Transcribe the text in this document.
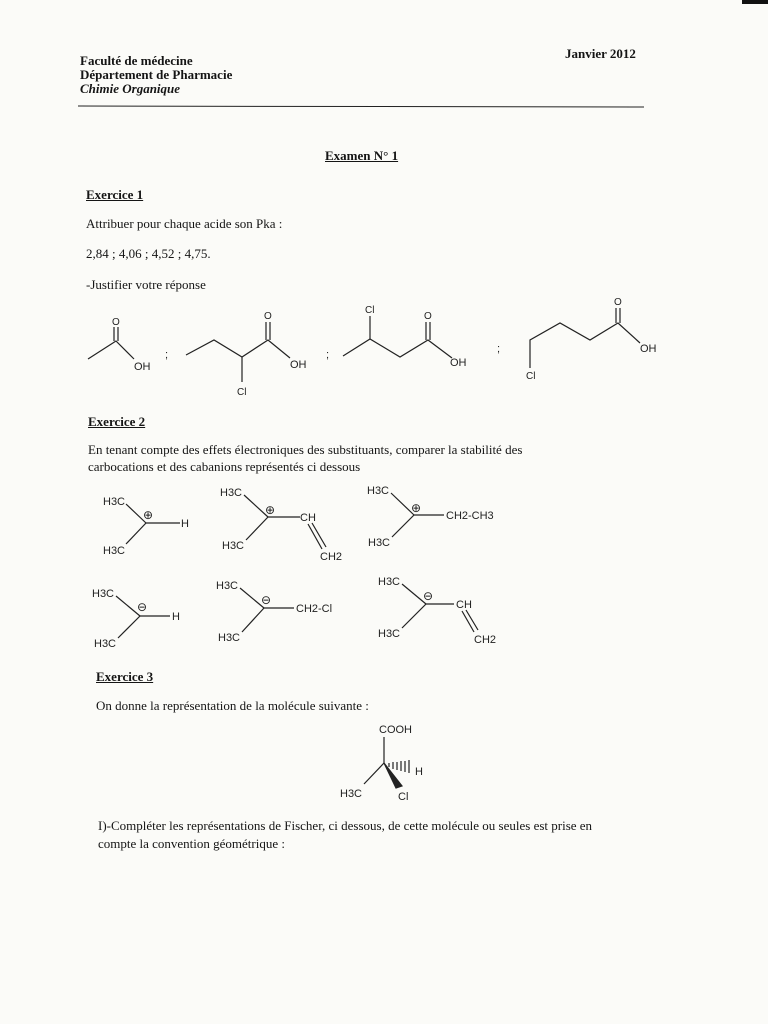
Faculté de médecine
Département de Pharmacie
Chimie Organique
Janvier 2012
Examen N° 1
Exercice 1
Attribuer pour chaque acide son Pka :
2,84 ; 4,06 ; 4,52 ; 4,75.
-Justifier votre réponse
Exercice 2
En tenant compte des effets électroniques des substituants, comparer la stabilité des
carbocations et des cabanions représentés ci dessous
Exercice 3
On donne la représentation de la molécule suivante :
I)-Compléter les représentations de Fischer, ci dessous, de cette molécule ou seules est prise en
compte la convention géométrique :
O
OH
;
O
OH
Cl
;
Cl
O
OH
;
O
OH
Cl
H3C
H3C
⊕
H
H3C
H3C
⊕
CH
CH2
H3C
H3C
⊕
CH2-CH3
H3C
H3C
⊖
H
H3C
H3C
⊖
CH2-Cl
H3C
H3C
⊖
CH
CH2
COOH
H
H3C	Cl
